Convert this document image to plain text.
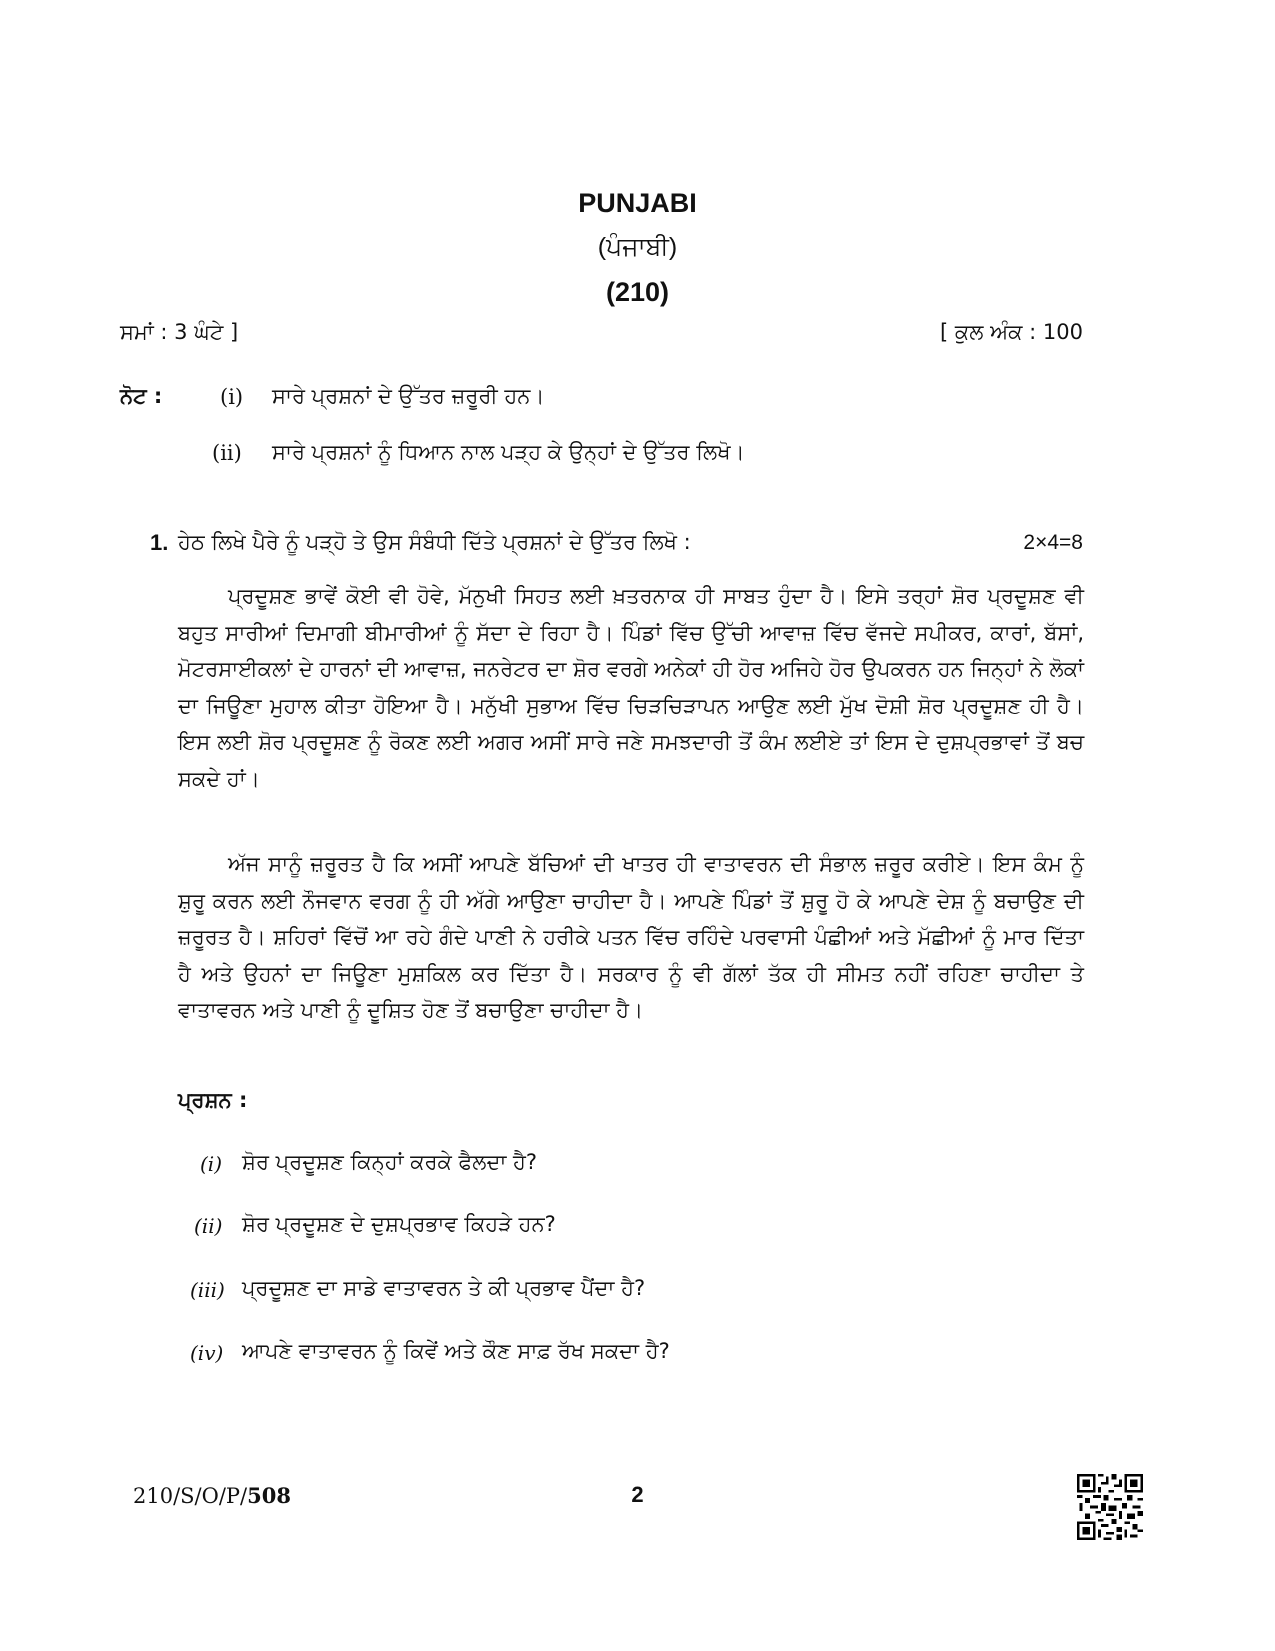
PUNJABI
(ਪੰਜਾਬੀ)
(210)
ਸਮਾਂ : 3 ਘੰਟੇ ]	[ ਕੁਲ ਅੰਕ : 100
ਨੋਟ :	(i) ਸਾਰੇ ਪ੍ਰਸ਼ਨਾਂ ਦੇ ਉੱਤਰ ਜ਼ਰੂਰੀ ਹਨ।
(ii) ਸਾਰੇ ਪ੍ਰਸ਼ਨਾਂ ਨੂੰ ਧਿਆਨ ਨਾਲ ਪੜ੍ਹ ਕੇ ਉਨ੍ਹਾਂ ਦੇ ਉੱਤਰ ਲਿਖੋ।
1. ਹੇਠ ਲਿਖੇ ਪੈਰੇ ਨੂੰ ਪੜ੍ਹੋ ਤੇ ਉਸ ਸੰਬੰਧੀ ਦਿੱਤੇ ਪ੍ਰਸ਼ਨਾਂ ਦੇ ਉੱਤਰ ਲਿਖੋ :	2×4=8
ਪ੍ਰਦੂਸ਼ਣ ਭਾਵੇਂ ਕੋਈ ਵੀ ਹੋਵੇ, ਮੱਨੁਖੀ ਸਿਹਤ ਲਈ ਖ਼ਤਰਨਾਕ ਹੀ ਸਾਬਤ ਹੁੰਦਾ ਹੈ। ਇਸੇ ਤਰ੍ਹਾਂ ਸ਼ੋਰ ਪ੍ਰਦੂਸ਼ਣ ਵੀ ਬਹੁਤ ਸਾਰੀਆਂ ਦਿਮਾਗੀ ਬੀਮਾਰੀਆਂ ਨੂੰ ਸੱਦਾ ਦੇ ਰਿਹਾ ਹੈ। ਪਿੰਡਾਂ ਵਿੱਚ ਉੱਚੀ ਆਵਾਜ਼ ਵਿੱਚ ਵੱਜਦੇ ਸਪੀਕਰ, ਕਾਰਾਂ, ਬੱਸਾਂ, ਮੋਟਰਸਾਈਕਲਾਂ ਦੇ ਹਾਰਨਾਂ ਦੀ ਆਵਾਜ਼, ਜਨਰੇਟਰ ਦਾ ਸ਼ੋਰ ਵਰਗੇ ਅਨੇਕਾਂ ਹੀ ਹੋਰ ਅਜਿਹੇ ਹੋਰ ਉਪਕਰਨ ਹਨ ਜਿਨ੍ਹਾਂ ਨੇ ਲੋਕਾਂ ਦਾ ਜਿਊਣਾ ਮੁਹਾਲ ਕੀਤਾ ਹੋਇਆ ਹੈ। ਮਨੁੱਖੀ ਸੁਭਾਅ ਵਿੱਚ ਚਿੜਚਿੜਾਪਨ ਆਉਣ ਲਈ ਮੁੱਖ ਦੋਸ਼ੀ ਸ਼ੋਰ ਪ੍ਰਦੂਸ਼ਣ ਹੀ ਹੈ। ਇਸ ਲਈ ਸ਼ੋਰ ਪ੍ਰਦੂਸ਼ਣ ਨੂੰ ਰੋਕਣ ਲਈ ਅਗਰ ਅਸੀਂ ਸਾਰੇ ਜਣੇ ਸਮਝਦਾਰੀ ਤੋਂ ਕੰਮ ਲਈਏ ਤਾਂ ਇਸ ਦੇ ਦੁਸ਼ਪ੍ਰਭਾਵਾਂ ਤੋਂ ਬਚ ਸਕਦੇ ਹਾਂ।
ਅੱਜ ਸਾਨੂੰ ਜ਼ਰੂਰਤ ਹੈ ਕਿ ਅਸੀਂ ਆਪਣੇ ਬੱਚਿਆਂ ਦੀ ਖਾਤਰ ਹੀ ਵਾਤਾਵਰਨ ਦੀ ਸੰਭਾਲ ਜ਼ਰੂਰ ਕਰੀਏ। ਇਸ ਕੰਮ ਨੂੰ ਸ਼ੁਰੂ ਕਰਨ ਲਈ ਨੌਜਵਾਨ ਵਰਗ ਨੂੰ ਹੀ ਅੱਗੇ ਆਉਣਾ ਚਾਹੀਦਾ ਹੈ। ਆਪਣੇ ਪਿੰਡਾਂ ਤੋਂ ਸ਼ੁਰੂ ਹੋ ਕੇ ਆਪਣੇ ਦੇਸ਼ ਨੂੰ ਬਚਾਉਣ ਦੀ ਜ਼ਰੂਰਤ ਹੈ। ਸ਼ਹਿਰਾਂ ਵਿੱਚੋਂ ਆ ਰਹੇ ਗੰਦੇ ਪਾਣੀ ਨੇ ਹਰੀਕੇ ਪਤਨ ਵਿੱਚ ਰਹਿੰਦੇ ਪਰਵਾਸੀ ਪੰਛੀਆਂ ਅਤੇ ਮੱਛੀਆਂ ਨੂੰ ਮਾਰ ਦਿੱਤਾ ਹੈ ਅਤੇ ਉਹਨਾਂ ਦਾ ਜਿਊਣਾ ਮੁਸ਼ਕਿਲ ਕਰ ਦਿੱਤਾ ਹੈ। ਸਰਕਾਰ ਨੂੰ ਵੀ ਗੱਲਾਂ ਤੱਕ ਹੀ ਸੀਮਤ ਨਹੀਂ ਰਹਿਣਾ ਚਾਹੀਦਾ ਤੇ ਵਾਤਾਵਰਨ ਅਤੇ ਪਾਣੀ ਨੂੰ ਦੂਸ਼ਿਤ ਹੋਣ ਤੋਂ ਬਚਾਉਣਾ ਚਾਹੀਦਾ ਹੈ।
ਪ੍ਰਸ਼ਨ :
(i) ਸ਼ੋਰ ਪ੍ਰਦੂਸ਼ਣ ਕਿਨ੍ਹਾਂ ਕਰਕੇ ਫੈਲਦਾ ਹੈ?
(ii) ਸ਼ੋਰ ਪ੍ਰਦੂਸ਼ਣ ਦੇ ਦੁਸ਼ਪ੍ਰਭਾਵ ਕਿਹੜੇ ਹਨ?
(iii) ਪ੍ਰਦੂਸ਼ਣ ਦਾ ਸਾਡੇ ਵਾਤਾਵਰਨ ਤੇ ਕੀ ਪ੍ਰਭਾਵ ਪੈਂਦਾ ਹੈ?
(iv) ਆਪਣੇ ਵਾਤਾਵਰਨ ਨੂੰ ਕਿਵੇਂ ਅਤੇ ਕੌਣ ਸਾਫ਼ ਰੱਖ ਸਕਦਾ ਹੈ?
210/S/O/P/508	2
